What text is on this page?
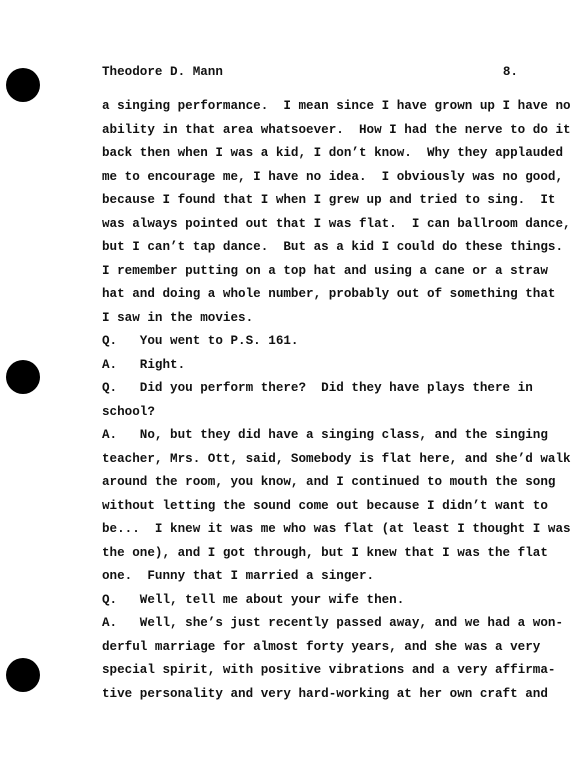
Theodore D. Mann	8.
a singing performance.  I mean since I have grown up I have no
ability in that area whatsoever.  How I had the nerve to do it
back then when I was a kid, I don’t know.  Why they applauded
me to encourage me, I have no idea.  I obviously was no good,
because I found that I when I grew up and tried to sing.  It
was always pointed out that I was flat.  I can ballroom dance,
but I can’t tap dance.  But as a kid I could do these things.
I remember putting on a top hat and using a cane or a straw
hat and doing a whole number, probably out of something that
I saw in the movies.
Q.   You went to P.S. 161.
A.   Right.
Q.   Did you perform there?  Did they have plays there in
school?
A.   No, but they did have a singing class, and the singing
teacher, Mrs. Ott, said, Somebody is flat here, and she’d walk
around the room, you know, and I continued to mouth the song
without letting the sound come out because I didn’t want to
be...  I knew it was me who was flat (at least I thought I was
the one), and I got through, but I knew that I was the flat
one.  Funny that I married a singer.
Q.   Well, tell me about your wife then.
A.   Well, she’s just recently passed away, and we had a won-
derful marriage for almost forty years, and she was a very
special spirit, with positive vibrations and a very affirma-
tive personality and very hard-working at her own craft and
